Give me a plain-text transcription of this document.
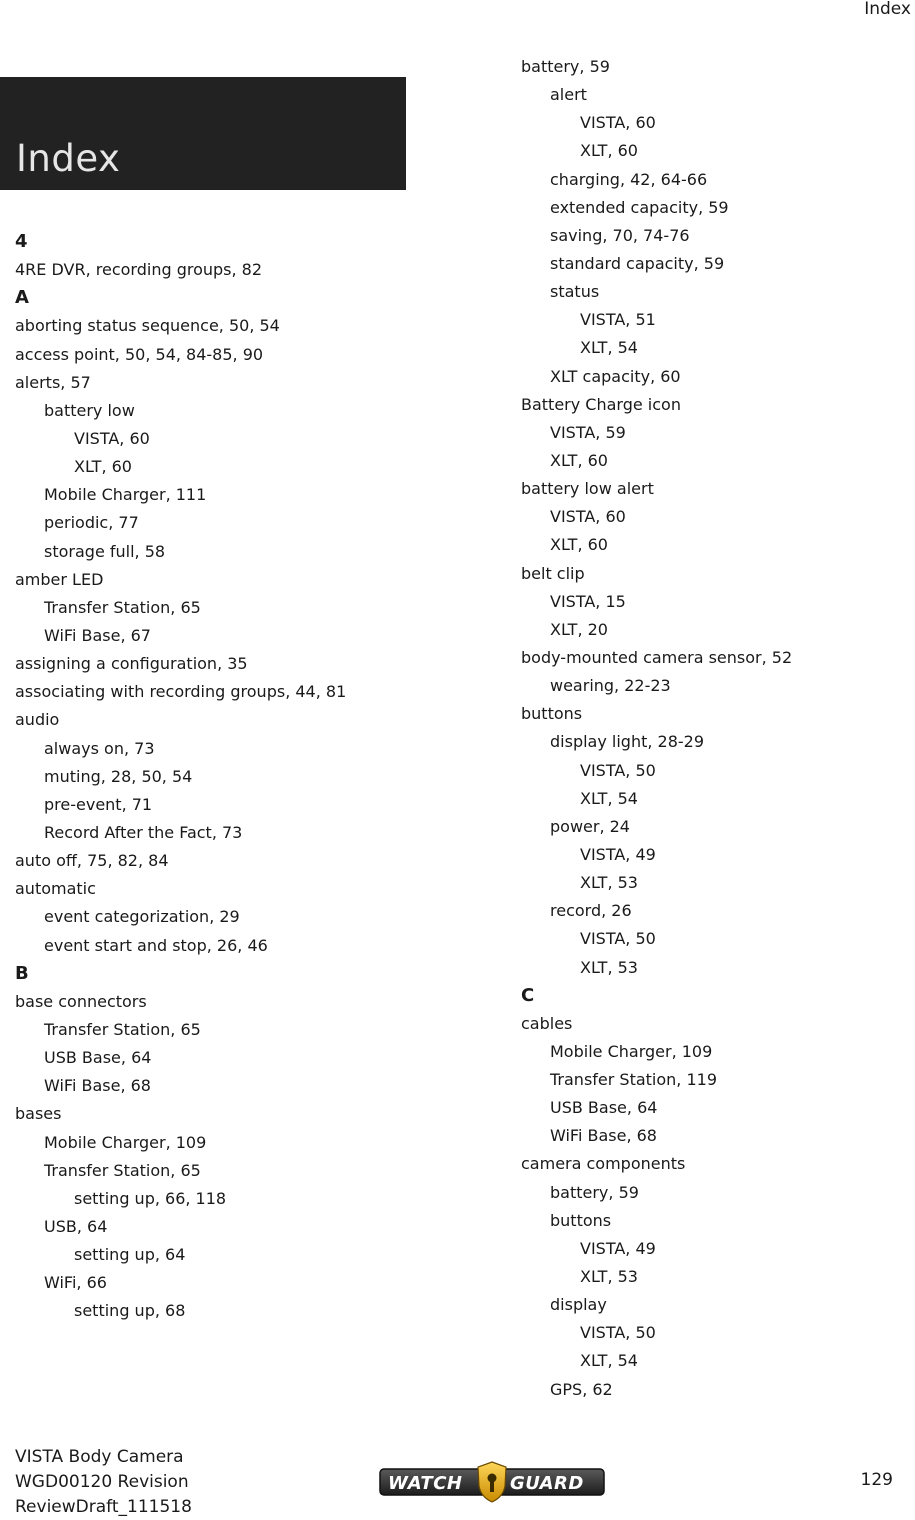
Index
Index
4
4RE DVR, recording groups, 82
A
aborting status sequence, 50, 54
access point, 50, 54, 84-85, 90
alerts, 57
battery low
VISTA, 60
XLT, 60
Mobile Charger, 111
periodic, 77
storage full, 58
amber LED
Transfer Station, 65
WiFi Base, 67
assigning a configuration, 35
associating with recording groups, 44, 81
audio
always on, 73
muting, 28, 50, 54
pre-event, 71
Record After the Fact, 73
auto off, 75, 82, 84
automatic
event categorization, 29
event start and stop, 26, 46
B
base connectors
Transfer Station, 65
USB Base, 64
WiFi Base, 68
bases
Mobile Charger, 109
Transfer Station, 65
setting up, 66, 118
USB, 64
setting up, 64
WiFi, 66
setting up, 68
battery, 59
alert
VISTA, 60
XLT, 60
charging, 42, 64-66
extended capacity, 59
saving, 70, 74-76
standard capacity, 59
status
VISTA, 51
XLT, 54
XLT capacity, 60
Battery Charge icon
VISTA, 59
XLT, 60
battery low alert
VISTA, 60
XLT, 60
belt clip
VISTA, 15
XLT, 20
body-mounted camera sensor, 52
wearing, 22-23
buttons
display light, 28-29
VISTA, 50
XLT, 54
power, 24
VISTA, 49
XLT, 53
record, 26
VISTA, 50
XLT, 53
C
cables
Mobile Charger, 109
Transfer Station, 119
USB Base, 64
WiFi Base, 68
camera components
battery, 59
buttons
VISTA, 49
XLT, 53
display
VISTA, 50
XLT, 54
GPS, 62
VISTA Body Camera
WGD00120 Revision
ReviewDraft_111518
WATCH	GUARD	129
